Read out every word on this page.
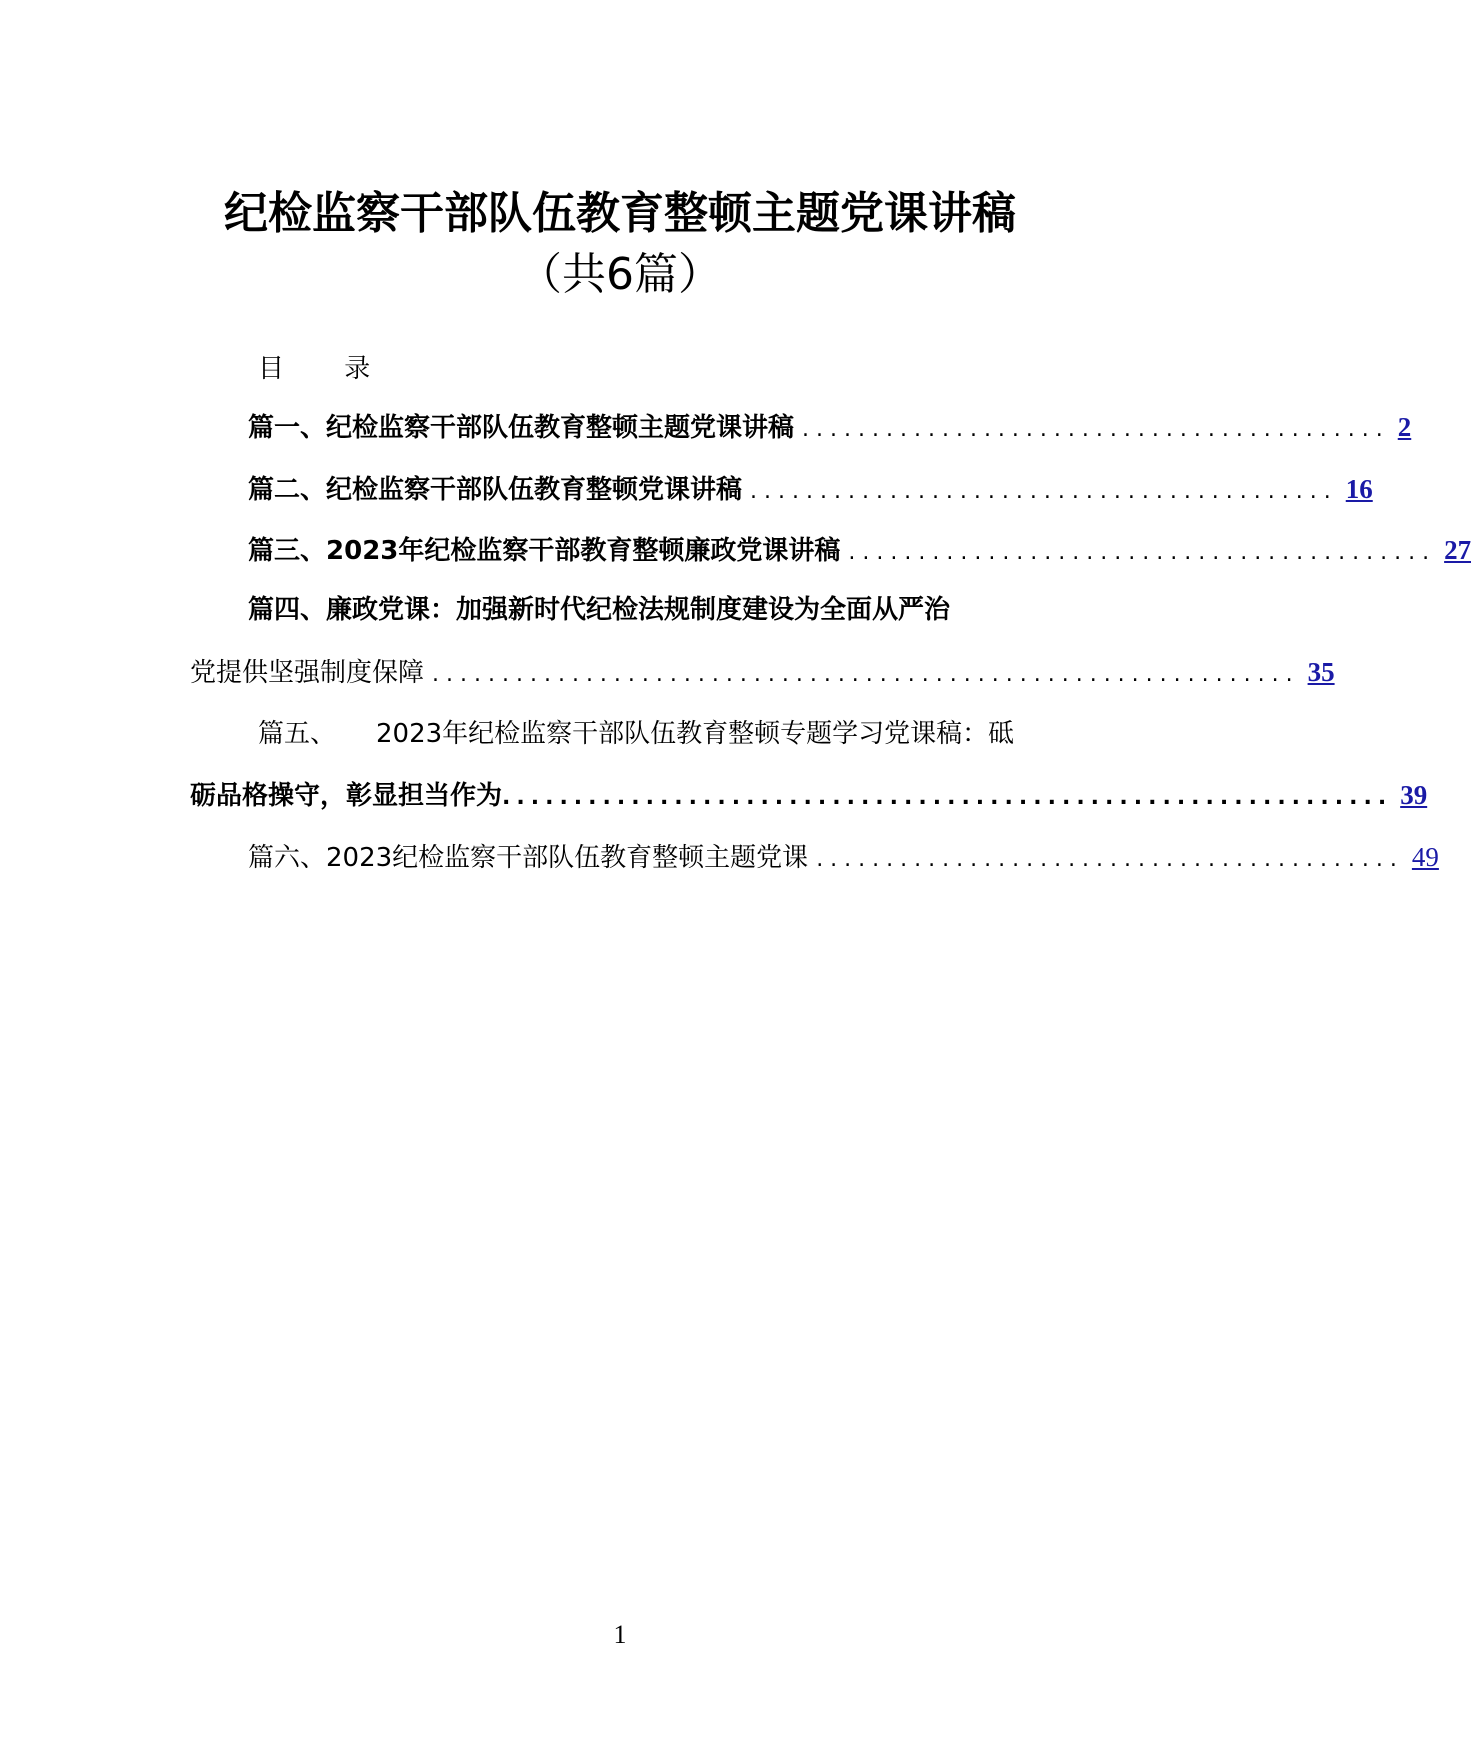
纪检监察干部队伍教育整顿主题党课讲稿
（共6篇）
目 录
篇一、 纪检监察干部队伍教育整顿主题党课讲稿 .......................................... 2
篇二、 纪检监察干部队伍教育整顿党课讲稿 .......................................... 16
篇三、 2023年纪检监察干部教育整顿廉政党课讲稿 .......................................... 27
篇四、廉政党课：加强新时代纪检法规制度建设为全面从严治
党提供坚强制度保障 .............................................................. 35
篇五、 2023年纪检监察干部队伍教育整顿专题学习党课稿：砥
砺品格操守，彰显担当作为 .............................................................. 39
篇六、 2023纪检监察干部队伍教育整顿主题党课 .......................................... 49
1
